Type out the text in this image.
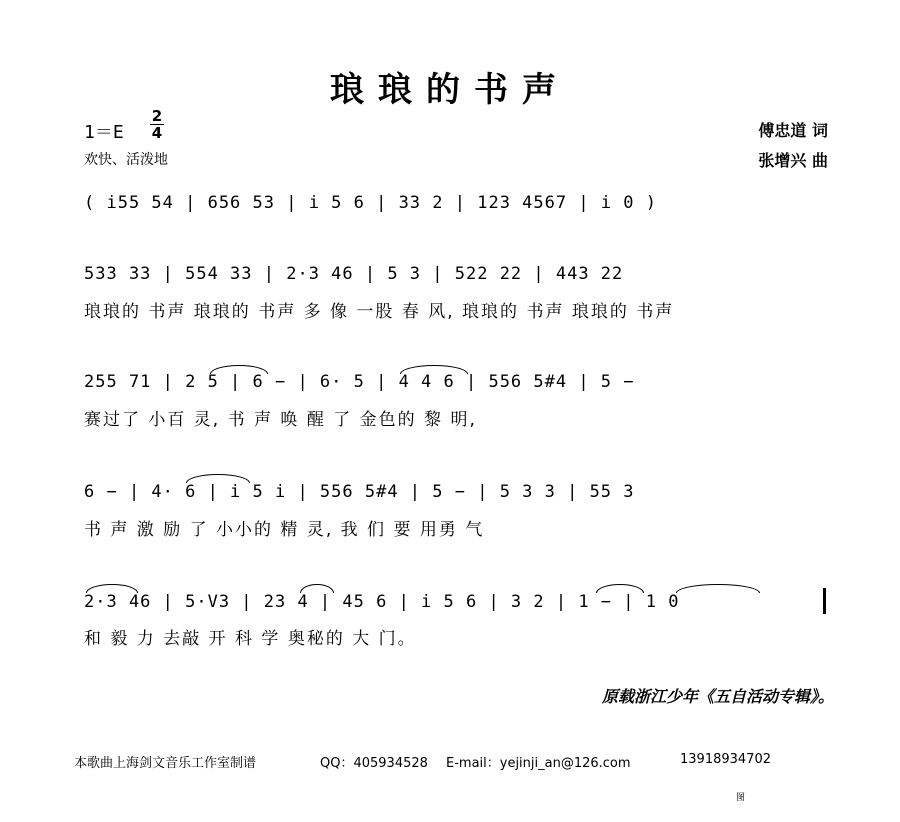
琅琅的书声
1＝E
2
4
欢快、活泼地
傅忠道 词
张增兴 曲
( i55 54 | 656 53 | i 5 6 | 33 2 | 123 4567 | i 0 )
533 33 | 554 33 | 2·3 46 | 5 3 | 522 22 | 443 22
琅琅的 书声 琅琅的 书声 多 像 一股 春 风, 琅琅的 书声 琅琅的 书声
255 71 | 2 5 | 6 − | 6· 5 | 4 4 6 | 556 5#4 | 5 −
赛过了 小百 灵, 书 声 唤 醒 了 金色的 黎 明,
6 − | 4· 6 | i 5 i | 556 5#4 | 5 − | 5 3 3 | 55 3
书 声 激 励 了 小小的 精 灵, 我 们 要 用勇 气
2·3 46 | 5·V3 | 23 4 | 45 6 | i 5 6 | 3 2 | 1 − | 1 0
和 毅 力 去敲 开 科 学 奥秘的 大 门。
原载浙江少年《五自活动专辑》。
本歌曲上海剑文音乐工作室制谱	QQ：405934528 E-mail：yejinji_an@126.com	13918934702
图
